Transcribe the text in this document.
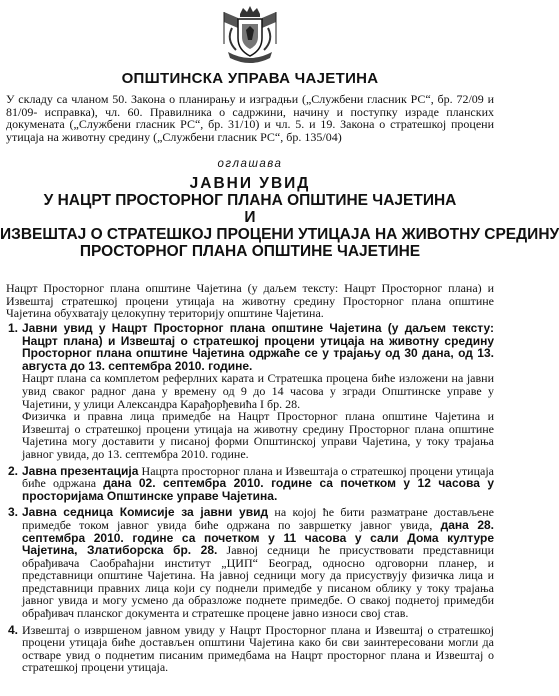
ОПШТИНСКА УПРАВА ЧАЈЕТИНА

У складу са чланом 50. Закона о планирању и изградњи („Службени гласник РС“, бр. 72/09 и 81/09- исправка), чл. 60. Правилника о садржини, начину и поступку израде планских докумената („Службени гласник РС“, бр. 31/10) и чл. 5. и 19. Закона о стратешкој процени утицаја на животну средину („Службени гласник РС“, бр. 135/04)

оглашава
ЈАВНИ УВИД
У НАЦРТ ПРОСТОРНОГ ПЛАНА ОПШТИНЕ ЧАЈЕТИНА
И
ИЗВЕШТАЈ О СТРАТЕШКОЈ ПРОЦЕНИ УТИЦАЈА НА ЖИВОТНУ СРЕДИНУ
ПРОСТОРНОГ ПЛАНА ОПШТИНЕ ЧАЈЕТИНЕ

Нацрт Просторног плана општине Чајетина (у даљем тексту: Нацрт Просторног плана) и Извештај стратешкој процени утицаја на животну средину Просторног плана општине Чајетина обухватају целокупну територију општине Чајетина.

1. Јавни увид у Нацрт Просторног плана општине Чајетина (у даљем тексту: Нацрт плана) и Извештај о стратешкој процени утицаја на животну средину Просторног плана општине Чајетина одржаће се у трајању од 30 дана, од 13. августа до 13. септембра 2010. године.

Нацрт плана са комплетом реферлних карата и Стратешка процена биће изложени на јавни увид сваког радног дана у времену од 9 до 14 часова у згради Општинске управе у Чајетини, у улици Александра Карађорђевића I бр. 28.

Физичка и правна лица примедбе на Нацрт Просторног плана општине Чајетина и Извештај о стратешкој процени утицаја на животну средину Просторног плана општине Чајетина могу доставити у писаној форми Општинској управи Чајетина, у току трајања јавног увида, до 13. септембра 2010. године.

2. Јавна презентација Нацрта просторног плана и Извештаја о стратешкој процени утицаја биће одржана дана 02. септембра 2010. године са почетком у 12 часова у просторијама Општинске управе Чајетина.

3. Јавна седница Комисије за јавни увид на којој ће бити разматране достављене примедбе током јавног увида биће одржана по завршетку јавног увида, дана 28. септембра 2010. године са почетком у 11 часова у сали Дома културе Чајетина, Златиборска бр. 28. Јавној седници ће присуствовати представници обрађивача Саобраћајни институт „ЦИП“ Београд, односно одговорни планер, и представници општине Чајетина. На јавној седници могу да присуствују физичка лица и представници правних лица који су поднели примедбе у писаном облику у току трајања јавног увида и могу усмено да образложе поднете примедбе. О свакој поднетој примедби обрађивач планског документа и стратешке процене јавно износи свој став.

4. Извештај о извршеном јавном увиду у Нацрт Просторног плана и Извештај о стратешкој процени утицаја биће достављен општини Чајетина како би сви заинтересовани могли да остваре увид о поднетим писаним примедбама на Нацрт просторног плана и Извештај о стратешкој процени утицаја.
